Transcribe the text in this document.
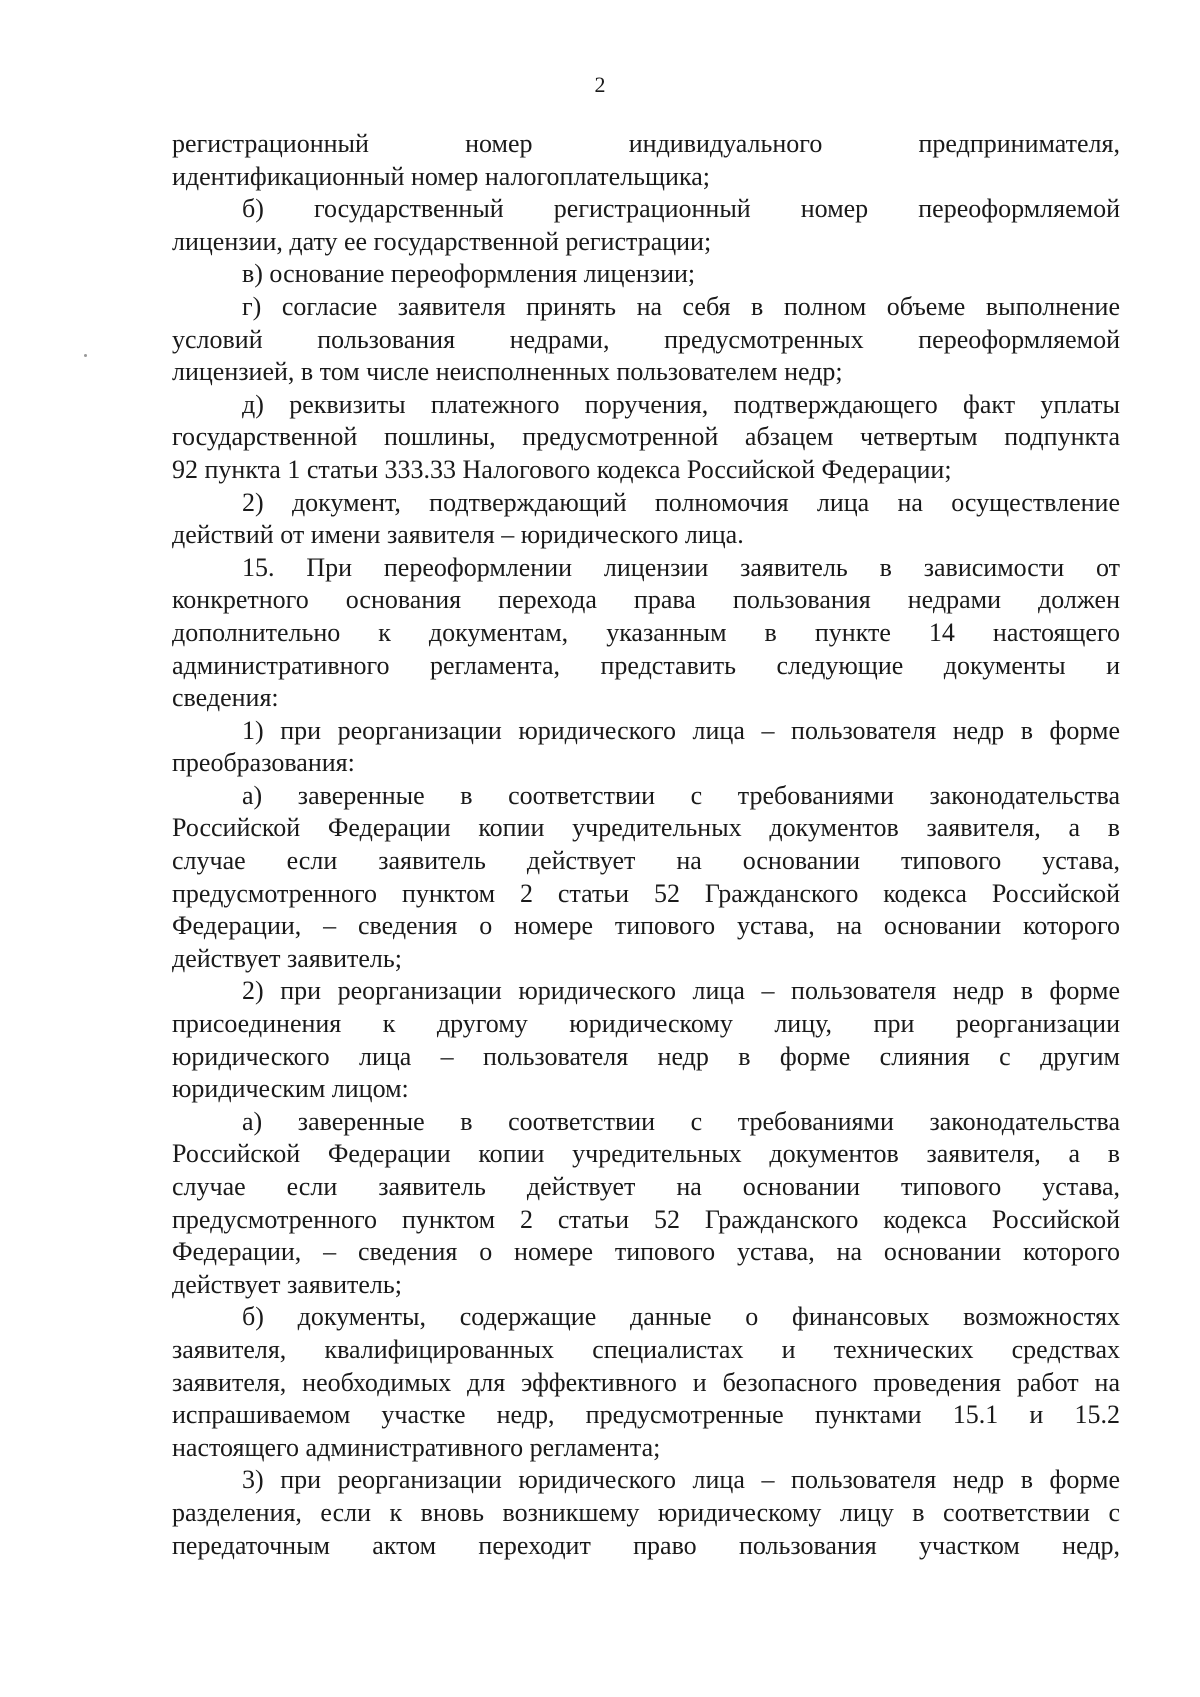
2
регистрационный номер индивидуального предпринимателя,
идентификационный номер налогоплательщика;
б) государственный регистрационный номер переоформляемой
лицензии, дату ее государственной регистрации;
в) основание переоформления лицензии;
г) согласие заявителя принять на себя в полном объеме выполнение
условий пользования недрами, предусмотренных переоформляемой
лицензией, в том числе неисполненных пользователем недр;
д) реквизиты платежного поручения, подтверждающего факт уплаты
государственной пошлины, предусмотренной абзацем четвертым подпункта
92 пункта 1 статьи 333.33 Налогового кодекса Российской Федерации;
2) документ, подтверждающий полномочия лица на осуществление
действий от имени заявителя – юридического лица.
15. При переоформлении лицензии заявитель в зависимости от
конкретного основания перехода права пользования недрами должен
дополнительно к документам, указанным в пункте 14 настоящего
административного регламента, представить следующие документы и
сведения:
1) при реорганизации юридического лица – пользователя недр в форме
преобразования:
а) заверенные в соответствии с требованиями законодательства
Российской Федерации копии учредительных документов заявителя, а в
случае если заявитель действует на основании типового устава,
предусмотренного пунктом 2 статьи 52 Гражданского кодекса Российской
Федерации, – сведения о номере типового устава, на основании которого
действует заявитель;
2) при реорганизации юридического лица – пользователя недр в форме
присоединения к другому юридическому лицу, при реорганизации
юридического лица – пользователя недр в форме слияния с другим
юридическим лицом:
а) заверенные в соответствии с требованиями законодательства
Российской Федерации копии учредительных документов заявителя, а в
случае если заявитель действует на основании типового устава,
предусмотренного пунктом 2 статьи 52 Гражданского кодекса Российской
Федерации, – сведения о номере типового устава, на основании которого
действует заявитель;
б) документы, содержащие данные о финансовых возможностях
заявителя, квалифицированных специалистах и технических средствах
заявителя, необходимых для эффективного и безопасного проведения работ на
испрашиваемом участке недр, предусмотренные пунктами 15.1 и 15.2
настоящего административного регламента;
3) при реорганизации юридического лица – пользователя недр в форме
разделения, если к вновь возникшему юридическому лицу в соответствии с
передаточным актом переходит право пользования участком недр,
